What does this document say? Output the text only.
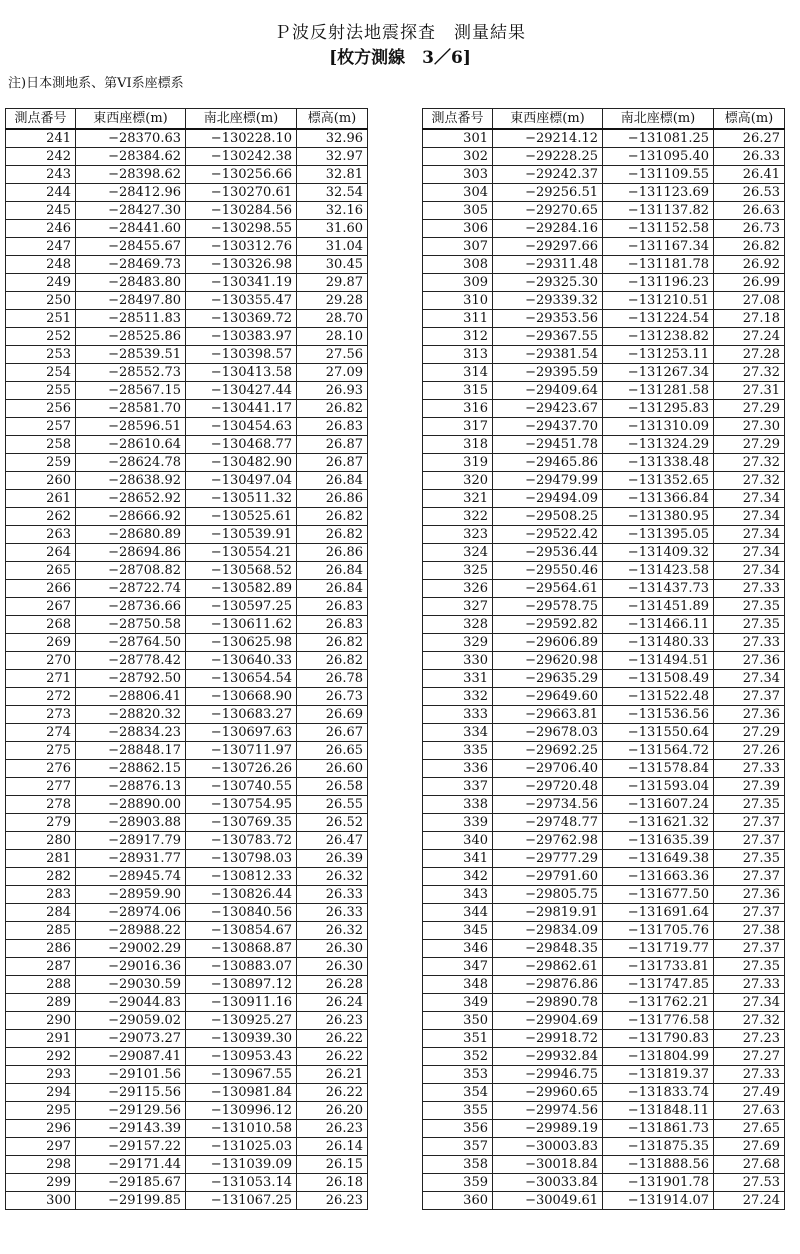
Ｐ波反射法地震探査　測量結果
[枚方測線　3／6]
注)日本測地系、第VI系座標系
測点番号	東西座標(m)	南北座標(m)	標高(m)
241	−28370.63	−130228.10	32.96
242	−28384.62	−130242.38	32.97
243	−28398.62	−130256.66	32.81
244	−28412.96	−130270.61	32.54
245	−28427.30	−130284.56	32.16
246	−28441.60	−130298.55	31.60
247	−28455.67	−130312.76	31.04
248	−28469.73	−130326.98	30.45
249	−28483.80	−130341.19	29.87
250	−28497.80	−130355.47	29.28
251	−28511.83	−130369.72	28.70
252	−28525.86	−130383.97	28.10
253	−28539.51	−130398.57	27.56
254	−28552.73	−130413.58	27.09
255	−28567.15	−130427.44	26.93
256	−28581.70	−130441.17	26.82
257	−28596.51	−130454.63	26.83
258	−28610.64	−130468.77	26.87
259	−28624.78	−130482.90	26.87
260	−28638.92	−130497.04	26.84
261	−28652.92	−130511.32	26.86
262	−28666.92	−130525.61	26.82
263	−28680.89	−130539.91	26.82
264	−28694.86	−130554.21	26.86
265	−28708.82	−130568.52	26.84
266	−28722.74	−130582.89	26.84
267	−28736.66	−130597.25	26.83
268	−28750.58	−130611.62	26.83
269	−28764.50	−130625.98	26.82
270	−28778.42	−130640.33	26.82
271	−28792.50	−130654.54	26.78
272	−28806.41	−130668.90	26.73
273	−28820.32	−130683.27	26.69
274	−28834.23	−130697.63	26.67
275	−28848.17	−130711.97	26.65
276	−28862.15	−130726.26	26.60
277	−28876.13	−130740.55	26.58
278	−28890.00	−130754.95	26.55
279	−28903.88	−130769.35	26.52
280	−28917.79	−130783.72	26.47
281	−28931.77	−130798.03	26.39
282	−28945.74	−130812.33	26.32
283	−28959.90	−130826.44	26.33
284	−28974.06	−130840.56	26.33
285	−28988.22	−130854.67	26.32
286	−29002.29	−130868.87	26.30
287	−29016.36	−130883.07	26.30
288	−29030.59	−130897.12	26.28
289	−29044.83	−130911.16	26.24
290	−29059.02	−130925.27	26.23
291	−29073.27	−130939.30	26.22
292	−29087.41	−130953.43	26.22
293	−29101.56	−130967.55	26.21
294	−29115.56	−130981.84	26.22
295	−29129.56	−130996.12	26.20
296	−29143.39	−131010.58	26.23
297	−29157.22	−131025.03	26.14
298	−29171.44	−131039.09	26.15
299	−29185.67	−131053.14	26.18
300	−29199.85	−131067.25	26.23
測点番号	東西座標(m)	南北座標(m)	標高(m)
301	−29214.12	−131081.25	26.27
302	−29228.25	−131095.40	26.33
303	−29242.37	−131109.55	26.41
304	−29256.51	−131123.69	26.53
305	−29270.65	−131137.82	26.63
306	−29284.16	−131152.58	26.73
307	−29297.66	−131167.34	26.82
308	−29311.48	−131181.78	26.92
309	−29325.30	−131196.23	26.99
310	−29339.32	−131210.51	27.08
311	−29353.56	−131224.54	27.18
312	−29367.55	−131238.82	27.24
313	−29381.54	−131253.11	27.28
314	−29395.59	−131267.34	27.32
315	−29409.64	−131281.58	27.31
316	−29423.67	−131295.83	27.29
317	−29437.70	−131310.09	27.30
318	−29451.78	−131324.29	27.29
319	−29465.86	−131338.48	27.32
320	−29479.99	−131352.65	27.32
321	−29494.09	−131366.84	27.34
322	−29508.25	−131380.95	27.34
323	−29522.42	−131395.05	27.34
324	−29536.44	−131409.32	27.34
325	−29550.46	−131423.58	27.34
326	−29564.61	−131437.73	27.33
327	−29578.75	−131451.89	27.35
328	−29592.82	−131466.11	27.35
329	−29606.89	−131480.33	27.33
330	−29620.98	−131494.51	27.36
331	−29635.29	−131508.49	27.34
332	−29649.60	−131522.48	27.37
333	−29663.81	−131536.56	27.36
334	−29678.03	−131550.64	27.29
335	−29692.25	−131564.72	27.26
336	−29706.40	−131578.84	27.33
337	−29720.48	−131593.04	27.39
338	−29734.56	−131607.24	27.35
339	−29748.77	−131621.32	27.37
340	−29762.98	−131635.39	27.37
341	−29777.29	−131649.38	27.35
342	−29791.60	−131663.36	27.37
343	−29805.75	−131677.50	27.36
344	−29819.91	−131691.64	27.37
345	−29834.09	−131705.76	27.38
346	−29848.35	−131719.77	27.37
347	−29862.61	−131733.81	27.35
348	−29876.86	−131747.85	27.33
349	−29890.78	−131762.21	27.34
350	−29904.69	−131776.58	27.32
351	−29918.72	−131790.83	27.23
352	−29932.84	−131804.99	27.27
353	−29946.75	−131819.37	27.33
354	−29960.65	−131833.74	27.49
355	−29974.56	−131848.11	27.63
356	−29989.19	−131861.73	27.65
357	−30003.83	−131875.35	27.69
358	−30018.84	−131888.56	27.68
359	−30033.84	−131901.78	27.53
360	−30049.61	−131914.07	27.24
